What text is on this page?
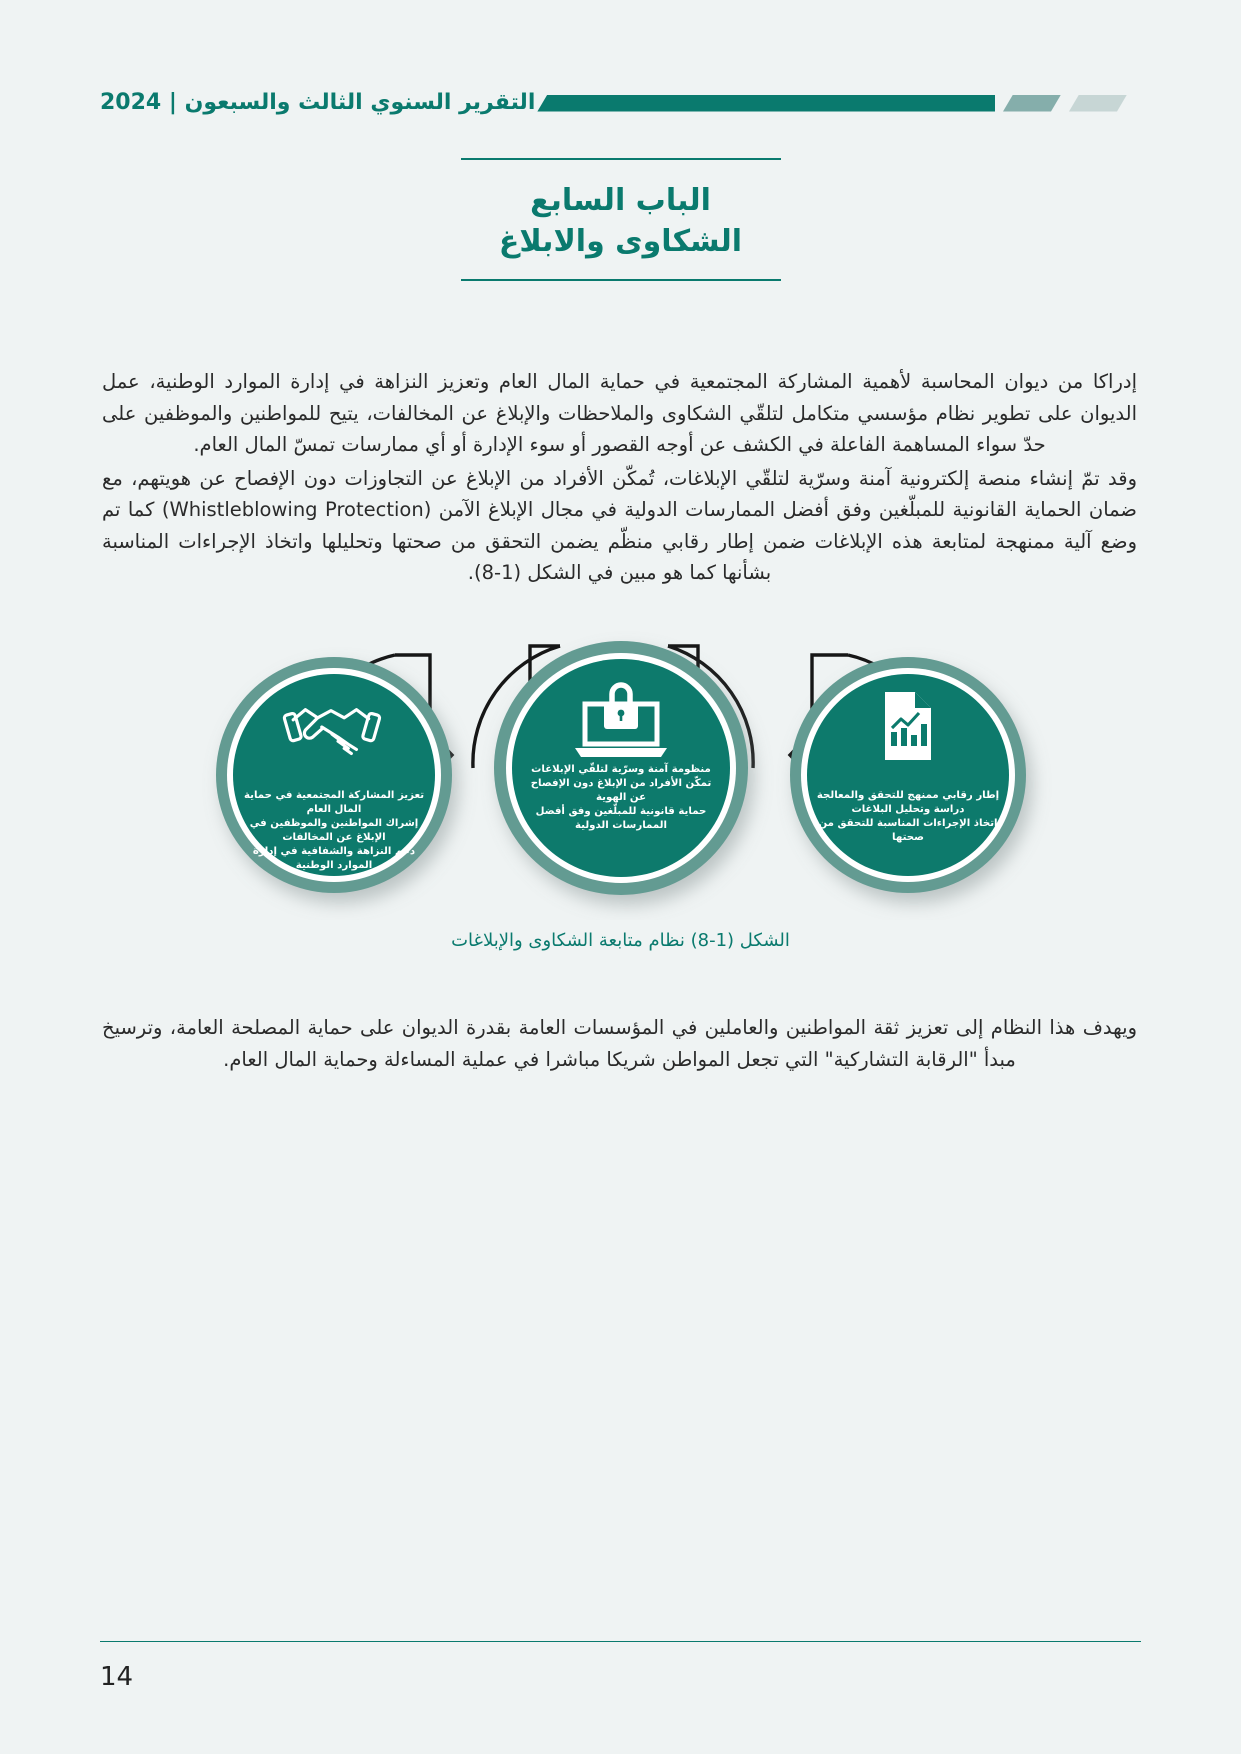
التقرير السنوي الثالث والسبعون | 2024
الباب السابع
الشكاوى والابلاغ

إدراكا من ديوان المحاسبة لأهمية المشاركة المجتمعية في حماية المال العام وتعزيز النزاهة في إدارة الموارد الوطنية، عمل الديوان على تطوير نظام مؤسسي متكامل لتلقّي الشكاوى والملاحظات والإبلاغ عن المخالفات، يتيح للمواطنين والموظفين على حدّ سواء المساهمة الفاعلة في الكشف عن أوجه القصور أو سوء الإدارة أو أي ممارسات تمسّ المال العام.

وقد تمّ إنشاء منصة إلكترونية آمنة وسرّية لتلقّي الإبلاغات، تُمكّن الأفراد من الإبلاغ عن التجاوزات دون الإفصاح عن هويتهم، مع ضمان الحماية القانونية للمبلّغين وفق أفضل الممارسات الدولية في مجال الإبلاغ الآمن (Whistleblowing Protection) كما تم وضع آلية ممنهجة لمتابعة هذه الإبلاغات ضمن إطار رقابي منظّم يضمن التحقق من صحتها وتحليلها واتخاذ الإجراءات المناسبة بشأنها كما هو مبين في الشكل (1-8).

تعزيز المشاركة المجتمعية في حماية
المال العام
إشراك المواطنين والموظفين في
الإبلاغ عن المخالفات
دعم النزاهة والشفافية في إدارة
الموارد الوطنية
منظومة آمنة وسرّية لتلقّي الإبلاغات
تمكّن الأفراد من الإبلاغ دون الإفصاح
عن الهوية
حماية قانونية للمبلّغين وفق أفضل
الممارسات الدولية
إطار رقابي ممنهج للتحقق والمعالجة
دراسة وتحليل البلاغات
اتخاذ الإجراءات المناسبة للتحقق من
صحتها
الشكل (1-8) نظام متابعة الشكاوى والإبلاغات

ويهدف هذا النظام إلى تعزيز ثقة المواطنين والعاملين في المؤسسات العامة بقدرة الديوان على حماية المصلحة العامة، وترسيخ مبدأ "الرقابة التشاركية" التي تجعل المواطن شريكا مباشرا في عملية المساءلة وحماية المال العام.

14
